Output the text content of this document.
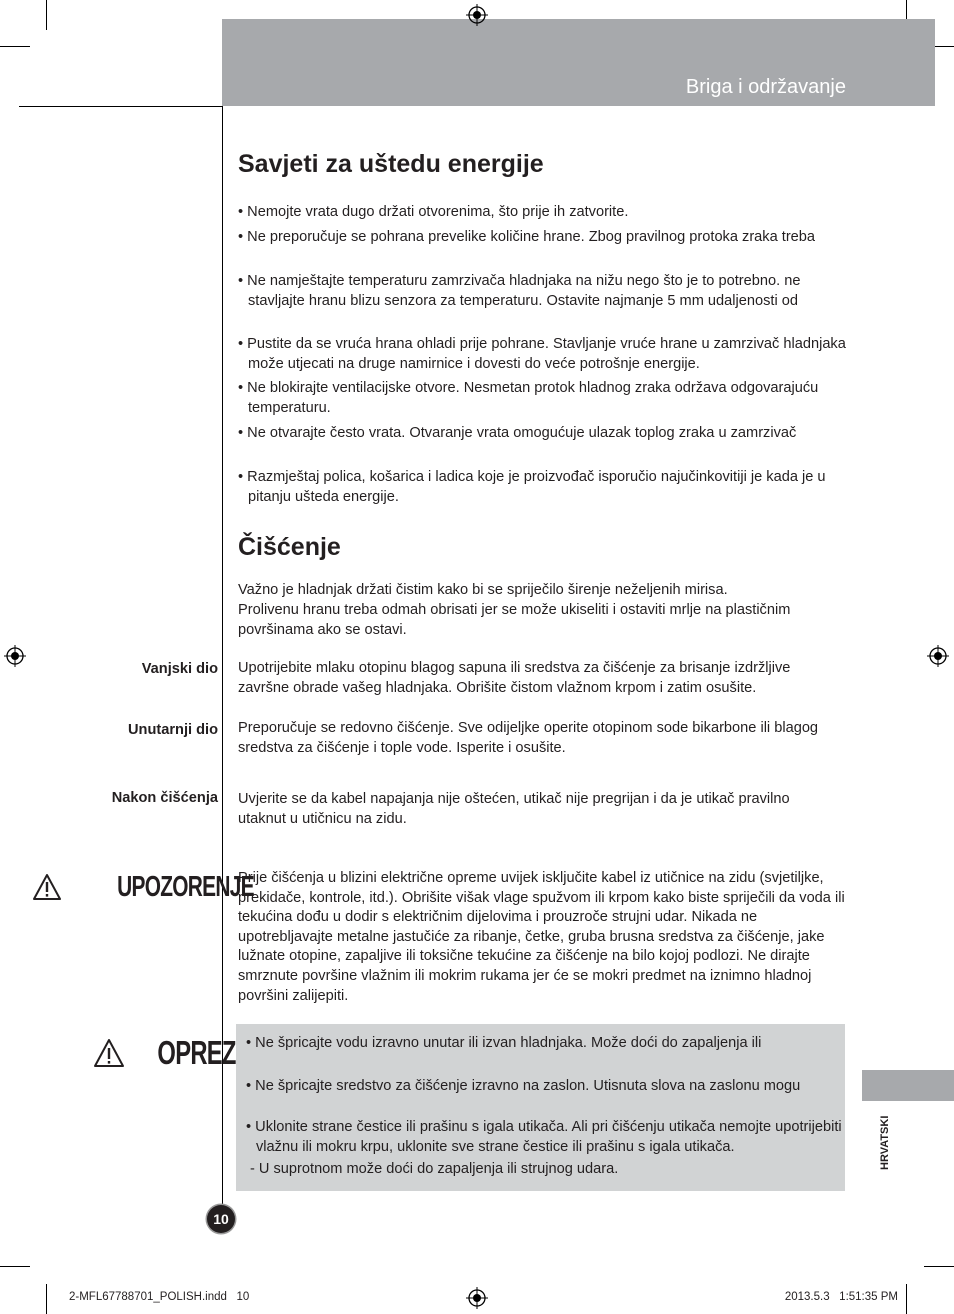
Briga i održavanje
Savjeti za uštedu energije
• Nemojte vrata dugo držati otvorenima, što prije ih zatvorite.
• Ne preporučuje se pohrana prevelike količine hrane. Zbog pravilnog protoka zraka treba
• Ne namještajte temperaturu zamrzivača hladnjaka na nižu nego što je to potrebno. ne stavljajte hranu blizu senzora za temperaturu. Ostavite najmanje 5 mm udaljenosti od
• Pustite da se vruća hrana ohladi prije pohrane. Stavljanje vruće hrane u zamrzivač hladnjaka može utjecati na druge namirnice i dovesti do veće potrošnje energije.
• Ne blokirajte ventilacijske otvore. Nesmetan protok hladnog zraka održava odgovarajuću temperaturu.
• Ne otvarajte često vrata. Otvaranje vrata omogućuje ulazak toplog zraka u zamrzivač
• Razmještaj polica, košarica i ladica koje je proizvođač isporučio najučinkovitiji je kada je u pitanju ušteda energije.
Čišćenje
Važno je hladnjak držati čistim kako bi se spriječilo širenje neželjenih mirisa.
Prolivenu hranu treba odmah obrisati jer se može ukiseliti i ostaviti mrlje na plastičnim površinama ako se ostavi.
Vanjski dio Upotrijebite mlaku otopinu blagog sapuna ili sredstva za čišćenje za brisanje izdržljive završne obrade vašeg hladnjaka. Obrišite čistom vlažnom krpom i zatim osušite.
Unutarnji dio Preporučuje se redovno čišćenje. Sve odijeljke operite otopinom sode bikarbone ili blagog sredstva za čišćenje i tople vode. Isperite i osušite.
Nakon čišćenja Uvjerite se da kabel napajanja nije oštećen, utikač nije pregrijan i da je utikač pravilno utaknut u utičnicu na zidu.
UPOZORENJE
Prije čišćenja u blizini električne opreme uvijek isključite kabel iz utičnice na zidu (svjetiljke, prekidače, kontrole, itd.). Obrišite višak vlage spužvom ili krpom kako biste spriječili da voda ili tekućina dođu u dodir s električnim dijelovima i prouzroče strujni udar. Nikada ne upotrebljavajte metalne jastučiće za ribanje, četke, gruba brusna sredstva za čišćenje, jake lužnate otopine, zapaljive ili toksične tekućine za čišćenje na bilo kojoj podlozi. Ne dirajte smrznute površine vlažnim ili mokrim rukama jer će se mokri predmet na iznimno hladnoj površini zalijepiti.
OPREZ • Ne špricajte vodu izravno unutar ili izvan hladnjaka. Može doći do zapaljenja ili
• Ne špricajte sredstvo za čišćenje izravno na zaslon. Utisnuta slova na zaslonu mogu
• Uklonite strane čestice ili prašinu s igala utikača. Ali pri čišćenju utikača nemojte upotrijebiti vlažnu ili mokru krpu, uklonite sve strane čestice ili prašinu s igala utikača.
- U suprotnom može doći do zapaljenja ili strujnog udara.	HRVATSKI
10
2-MFL67788701_POLISH.indd   10	2013.5.3   1:51:35 PM
